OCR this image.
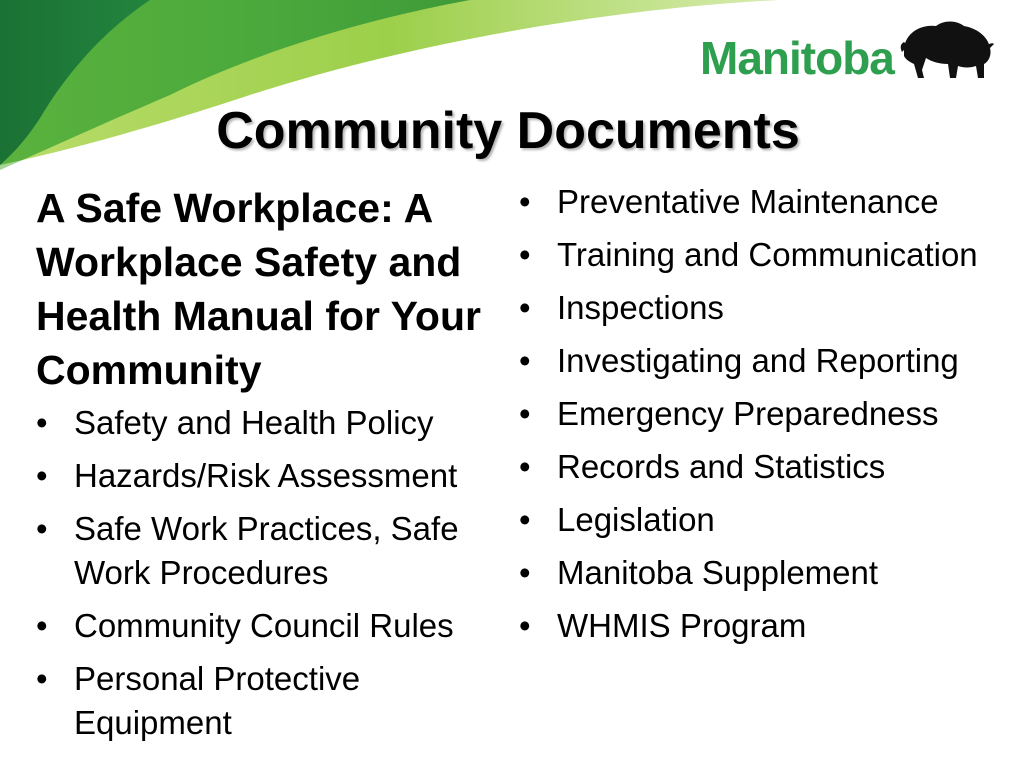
Manitoba
Community Documents

A Safe Workplace: A Workplace Safety and Health Manual for Your Community

• Safety and Health Policy
• Hazards/Risk Assessment
• Safe Work Practices, Safe Work Procedures
• Community Council Rules
• Personal Protective Equipment
• Preventative Maintenance
• Training and Communication
• Inspections
• Investigating and Reporting
• Emergency Preparedness
• Records and Statistics
• Legislation
• Manitoba Supplement
• WHMIS Program
